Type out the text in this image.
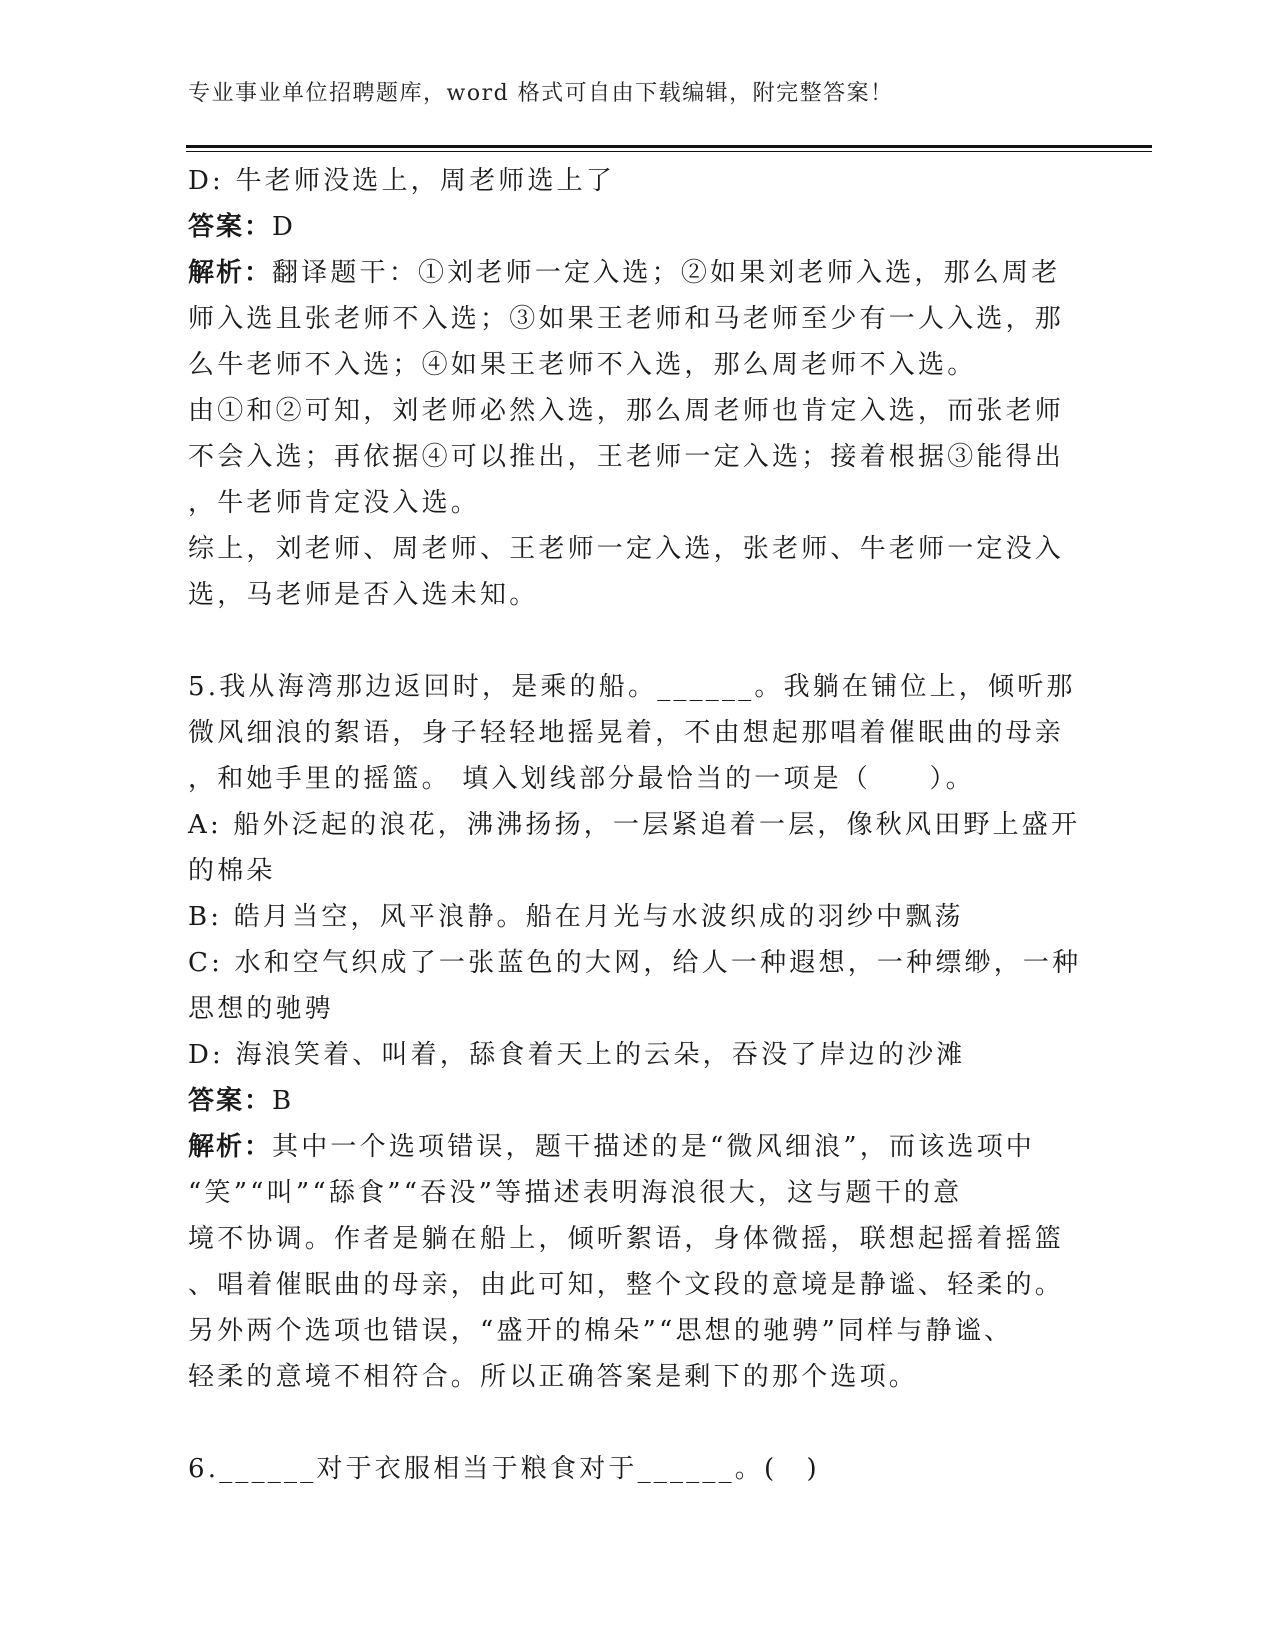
专业事业单位招聘题库，word 格式可自由下载编辑，附完整答案！
D: 牛老师没选上，周老师选上了
答案：D
解析：翻译题干：①刘老师一定入选；②如果刘老师入选，那么周老
师入选且张老师不入选；③如果王老师和马老师至少有一人入选，那
么牛老师不入选；④如果王老师不入选，那么周老师不入选。
由①和②可知，刘老师必然入选，那么周老师也肯定入选，而张老师
不会入选；再依据④可以推出，王老师一定入选；接着根据③能得出
，牛老师肯定没入选。
综上，刘老师、周老师、王老师一定入选，张老师、牛老师一定没入
选，马老师是否入选未知。
5.我从海湾那边返回时，是乘的船。______。我躺在铺位上，倾听那
微风细浪的絮语，身子轻轻地摇晃着，不由想起那唱着催眠曲的母亲
，和她手里的摇篮。 填入划线部分最恰当的一项是（　　）。
A: 船外泛起的浪花，沸沸扬扬，一层紧追着一层，像秋风田野上盛开
的棉朵
B: 皓月当空，风平浪静。船在月光与水波织成的羽纱中飘荡
C: 水和空气织成了一张蓝色的大网，给人一种遐想，一种缥缈，一种
思想的驰骋
D: 海浪笑着、叫着，舔食着天上的云朵，吞没了岸边的沙滩
答案：B
解析：其中一个选项错误，题干描述的是“微风细浪”，而该选项中
“笑”“叫”“舔食”“吞没”等描述表明海浪很大，这与题干的意
境不协调。作者是躺在船上，倾听絮语，身体微摇，联想起摇着摇篮
、唱着催眠曲的母亲，由此可知，整个文段的意境是静谧、轻柔的。
另外两个选项也错误，“盛开的棉朵”“思想的驰骋”同样与静谧、
轻柔的意境不相符合。所以正确答案是剩下的那个选项。
6.______对于衣服相当于粮食对于______。(　)
